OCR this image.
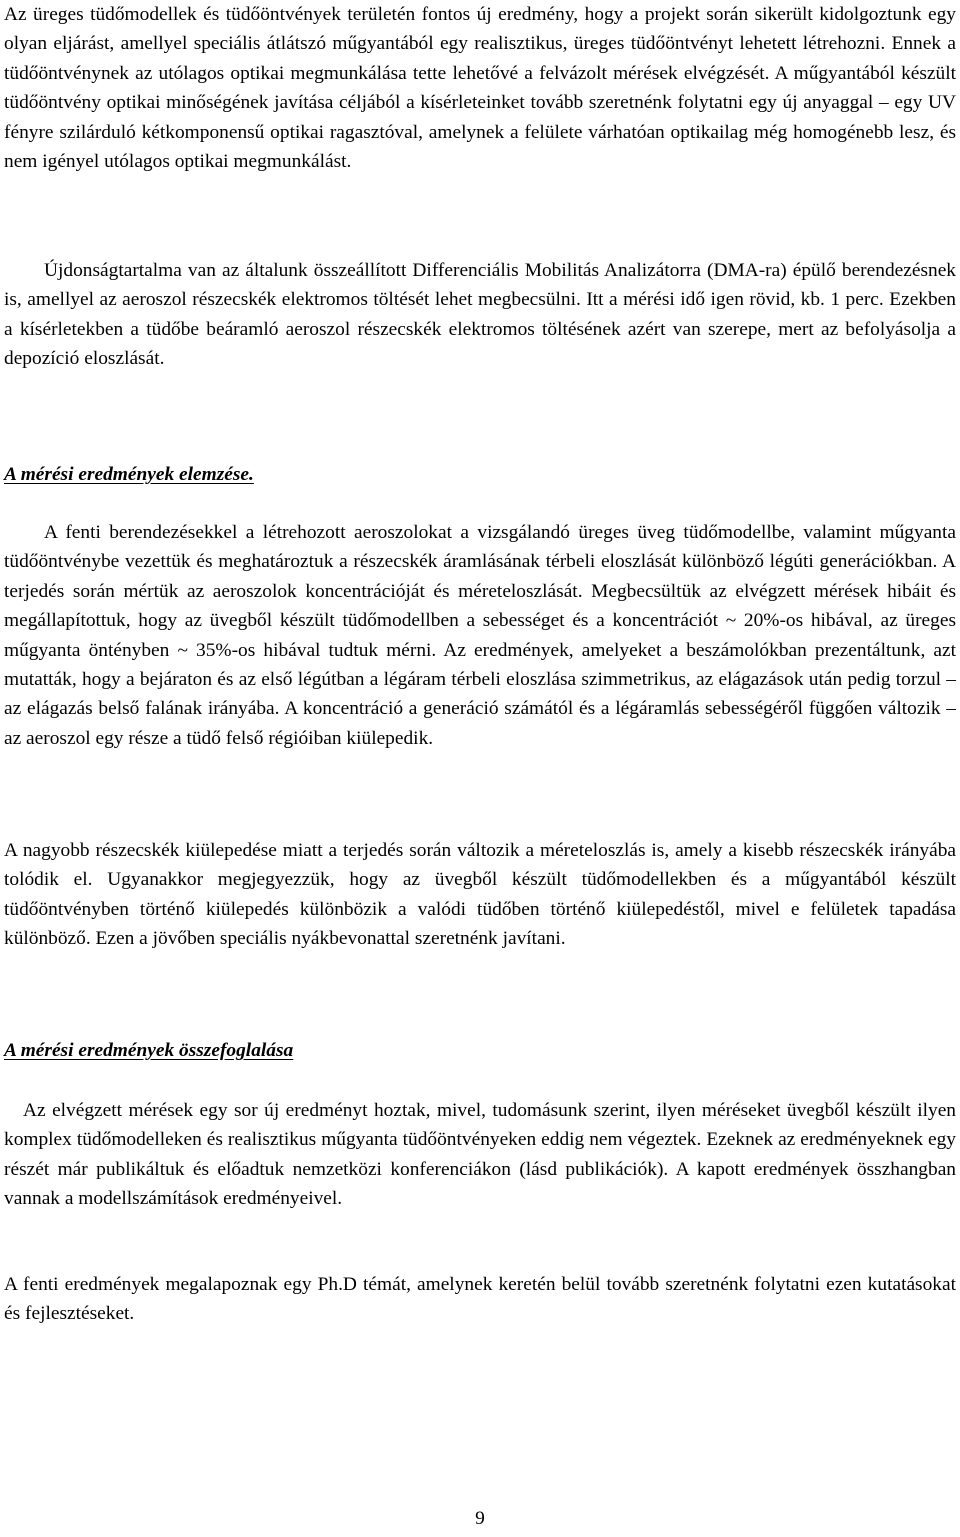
Az üreges tüdőmodellek és tüdőöntvények területén fontos új eredmény, hogy a projekt során sikerült kidolgoztunk egy olyan eljárást, amellyel speciális átlátszó műgyantából egy realisztikus, üreges tüdőöntvényt lehetett létrehozni. Ennek a tüdőöntvénynek az utólagos optikai megmunkálása tette lehetővé a felvázolt mérések elvégzését. A műgyantából készült tüdőöntvény optikai minőségének javítása céljából a kísérleteinket tovább szeretnénk folytatni egy új anyaggal – egy UV fényre szilárduló kétkomponensű optikai ragasztóval, amelynek a felülete várhatóan optikailag még homogénebb lesz, és nem igényel utólagos optikai megmunkálást.

Újdonságtartalma van az általunk összeállított Differenciális Mobilitás Analizátorra (DMA-ra) épülő berendezésnek is, amellyel az aeroszol részecskék elektromos töltését lehet megbecsülni. Itt a mérési idő igen rövid, kb. 1 perc. Ezekben a kísérletekben a tüdőbe beáramló aeroszol részecskék elektromos töltésének azért van szerepe, mert az befolyásolja a depozíció eloszlását.

A mérési eredmények elemzése.

A fenti berendezésekkel a létrehozott aeroszolokat a vizsgálandó üreges üveg tüdőmodellbe, valamint műgyanta tüdőöntvénybe vezettük és meghatároztuk a részecskék áramlásának térbeli eloszlását különböző légúti generációkban. A terjedés során mértük az aeroszolok koncentrációját és méreteloszlását. Megbecsültük az elvégzett mérések hibáit és megállapítottuk, hogy az üvegből készült tüdőmodellben a sebességet és a koncentrációt ~ 20%-os hibával, az üreges műgyanta öntényben ~ 35%-os hibával tudtuk mérni. Az eredmények, amelyeket a beszámolókban prezentáltunk, azt mutatták, hogy a bejáraton és az első légútban a légáram térbeli eloszlása szimmetrikus, az elágazások után pedig torzul – az elágazás belső falának irányába. A koncentráció a generáció számától és a légáramlás sebességéről függően változik – az aeroszol egy része a tüdő felső régióiban kiülepedik.

A nagyobb részecskék kiülepedése miatt a terjedés során változik a méreteloszlás is, amely a kisebb részecskék irányába tolódik el. Ugyanakkor megjegyezzük, hogy az üvegből készült tüdőmodellekben és a műgyantából készült tüdőöntvényben történő kiülepedés különbözik a valódi tüdőben történő kiülepedéstől, mivel e felületek tapadása különböző. Ezen a jövőben speciális nyákbevonattal szeretnénk javítani.

A mérési eredmények összefoglalása

Az elvégzett mérések egy sor új eredményt hoztak, mivel, tudomásunk szerint, ilyen méréseket üvegből készült ilyen komplex tüdőmodelleken és realisztikus műgyanta tüdőöntvényeken eddig nem végeztek. Ezeknek az eredményeknek egy részét már publikáltuk és előadtuk nemzetközi konferenciákon (lásd publikációk). A kapott eredmények összhangban vannak a modellszámítások eredményeivel.

A fenti eredmények megalapoznak egy Ph.D témát, amelynek keretén belül tovább szeretnénk folytatni ezen kutatásokat és fejlesztéseket.

9
